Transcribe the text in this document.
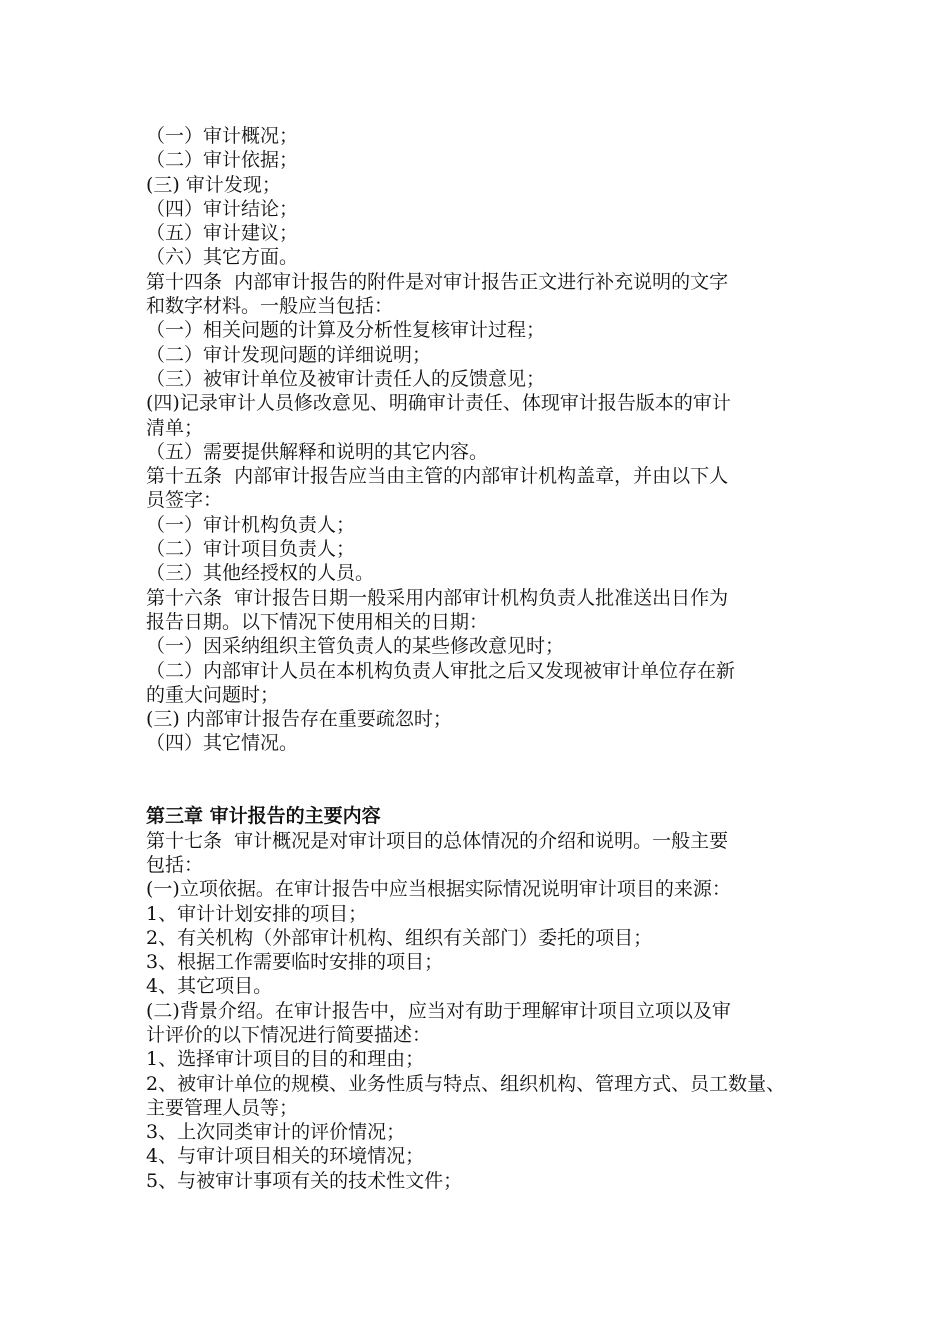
（一）审计概况；
（二）审计依据；
(三) 审计发现；
（四）审计结论；
（五）审计建议；
（六）其它方面。
第十四条  内部审计报告的附件是对审计报告正文进行补充说明的文字
和数字材料。一般应当包括：
（一）相关问题的计算及分析性复核审计过程；
（二）审计发现问题的详细说明；
（三）被审计单位及被审计责任人的反馈意见；
(四)记录审计人员修改意见、明确审计责任、体现审计报告版本的审计
清单；
（五）需要提供解释和说明的其它内容。
第十五条  内部审计报告应当由主管的内部审计机构盖章，并由以下人
员签字：
（一）审计机构负责人；
（二）审计项目负责人；
（三）其他经授权的人员。
第十六条  审计报告日期一般采用内部审计机构负责人批准送出日作为
报告日期。以下情况下使用相关的日期：
（一）因采纳组织主管负责人的某些修改意见时；
（二）内部审计人员在本机构负责人审批之后又发现被审计单位存在新
的重大问题时；
(三) 内部审计报告存在重要疏忽时；
（四）其它情况。
第三章 审计报告的主要内容
第十七条  审计概况是对审计项目的总体情况的介绍和说明。一般主要
包括：
(一)立项依据。在审计报告中应当根据实际情况说明审计项目的来源：
1、审计计划安排的项目；
2、有关机构（外部审计机构、组织有关部门）委托的项目；
3、根据工作需要临时安排的项目；
4、其它项目。
(二)背景介绍。在审计报告中，应当对有助于理解审计项目立项以及审
计评价的以下情况进行简要描述：
1、选择审计项目的目的和理由；
2、被审计单位的规模、业务性质与特点、组织机构、管理方式、员工数量、
主要管理人员等；
3、上次同类审计的评价情况；
4、与审计项目相关的环境情况；
5、与被审计事项有关的技术性文件；
